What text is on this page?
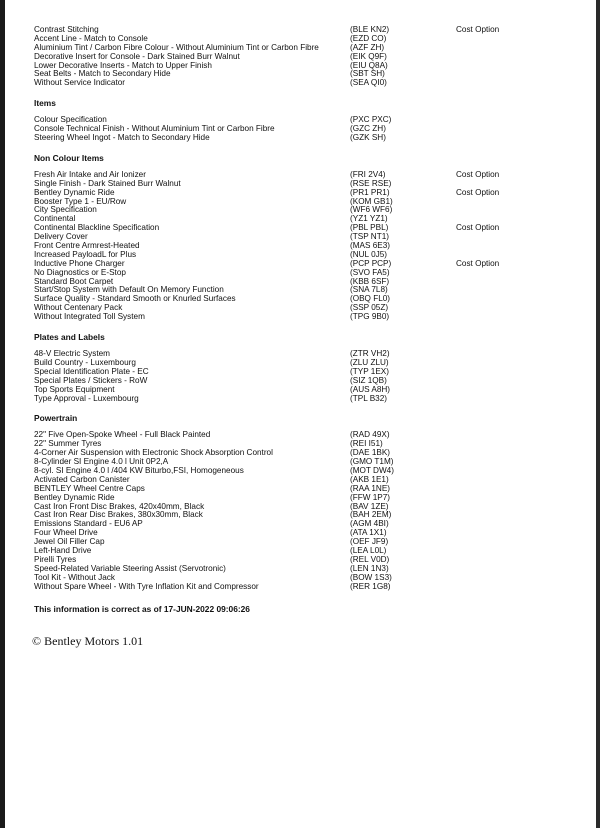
Contrast Stitching	(BLE KN2)	Cost Option
Accent Line - Match to Console	(EZD CO)
Aluminium Tint / Carbon Fibre Colour - Without Aluminium Tint or Carbon Fibre	(AZF ZH)
Decorative Insert for Console - Dark Stained Burr Walnut	(EIK Q9F)
Lower Decorative Inserts - Match to Upper Finish	(EIU Q8A)
Seat Belts - Match to Secondary Hide	(SBT SH)
Without Service Indicator	(SEA QI0)
Items
Colour Specification	(PXC PXC)
Console Technical Finish - Without Aluminium Tint or Carbon Fibre	(GZC ZH)
Steering Wheel Ingot - Match to Secondary Hide	(GZK SH)
Non Colour Items
Fresh Air Intake and Air Ionizer	(FRI 2V4)	Cost Option
Single Finish - Dark Stained Burr Walnut	(RSE RSE)
Bentley Dynamic Ride	(PR1 PR1)	Cost Option
Booster Type 1 - EU/Row	(KOM GB1)
City Specification	(WF6 WF6)
Continental	(YZ1 YZ1)
Continental Blackline Specification	(PBL PBL)	Cost Option
Delivery Cover	(TSP NT1)
Front Centre Armrest-Heated	(MAS 6E3)
Increased PayloadL for Plus	(NUL 0J5)
Inductive Phone Charger	(PCP PCP)	Cost Option
No Diagnostics or E-Stop	(SVO FA5)
Standard Boot Carpet	(KBB 6SF)
Start/Stop System with Default On Memory Function	(SNA 7L8)
Surface Quality - Standard Smooth or Knurled Surfaces	(OBQ FL0)
Without Centenary Pack	(SSP 05Z)
Without Integrated Toll System	(TPG 9B0)
Plates and Labels
48-V Electric System	(ZTR VH2)
Build Country - Luxembourg	(ZLU ZLU)
Special Identification Plate - EC	(TYP 1EX)
Special Plates / Stickers - RoW	(SIZ 1QB)
Top Sports Equipment	(AUS A8H)
Type Approval - Luxembourg	(TPL B32)
Powertrain
22" Five Open-Spoke Wheel - Full Black Painted	(RAD 49X)
22" Summer Tyres	(REI I51)
4-Corner Air Suspension with Electronic Shock Absorption Control	(DAE 1BK)
8-Cylinder SI Engine 4.0 l Unit 0P2,A	(GMO T1M)
8-cyl. SI Engine 4.0 l /404 KW Biturbo,FSI, Homogeneous	(MOT DW4)
Activated Carbon Canister	(AKB 1E1)
BENTLEY Wheel Centre Caps	(RAA 1NE)
Bentley Dynamic Ride	(FFW 1P7)
Cast Iron Front Disc Brakes, 420x40mm, Black	(BAV 1ZE)
Cast Iron Rear Disc Brakes, 380x30mm, Black	(BAH 2EM)
Emissions Standard - EU6 AP	(AGM 4BI)
Four Wheel Drive	(ATA 1X1)
Jewel Oil Filler Cap	(OEF JF9)
Left-Hand Drive	(LEA L0L)
Pirelli Tyres	(REL V0D)
Speed-Related Variable Steering Assist (Servotronic)	(LEN 1N3)
Tool Kit - Without Jack	(BOW 1S3)
Without Spare Wheel - With Tyre Inflation Kit and Compressor	(RER 1G8)
This information is correct as of 17-JUN-2022 09:06:26
© Bentley Motors 1.01
